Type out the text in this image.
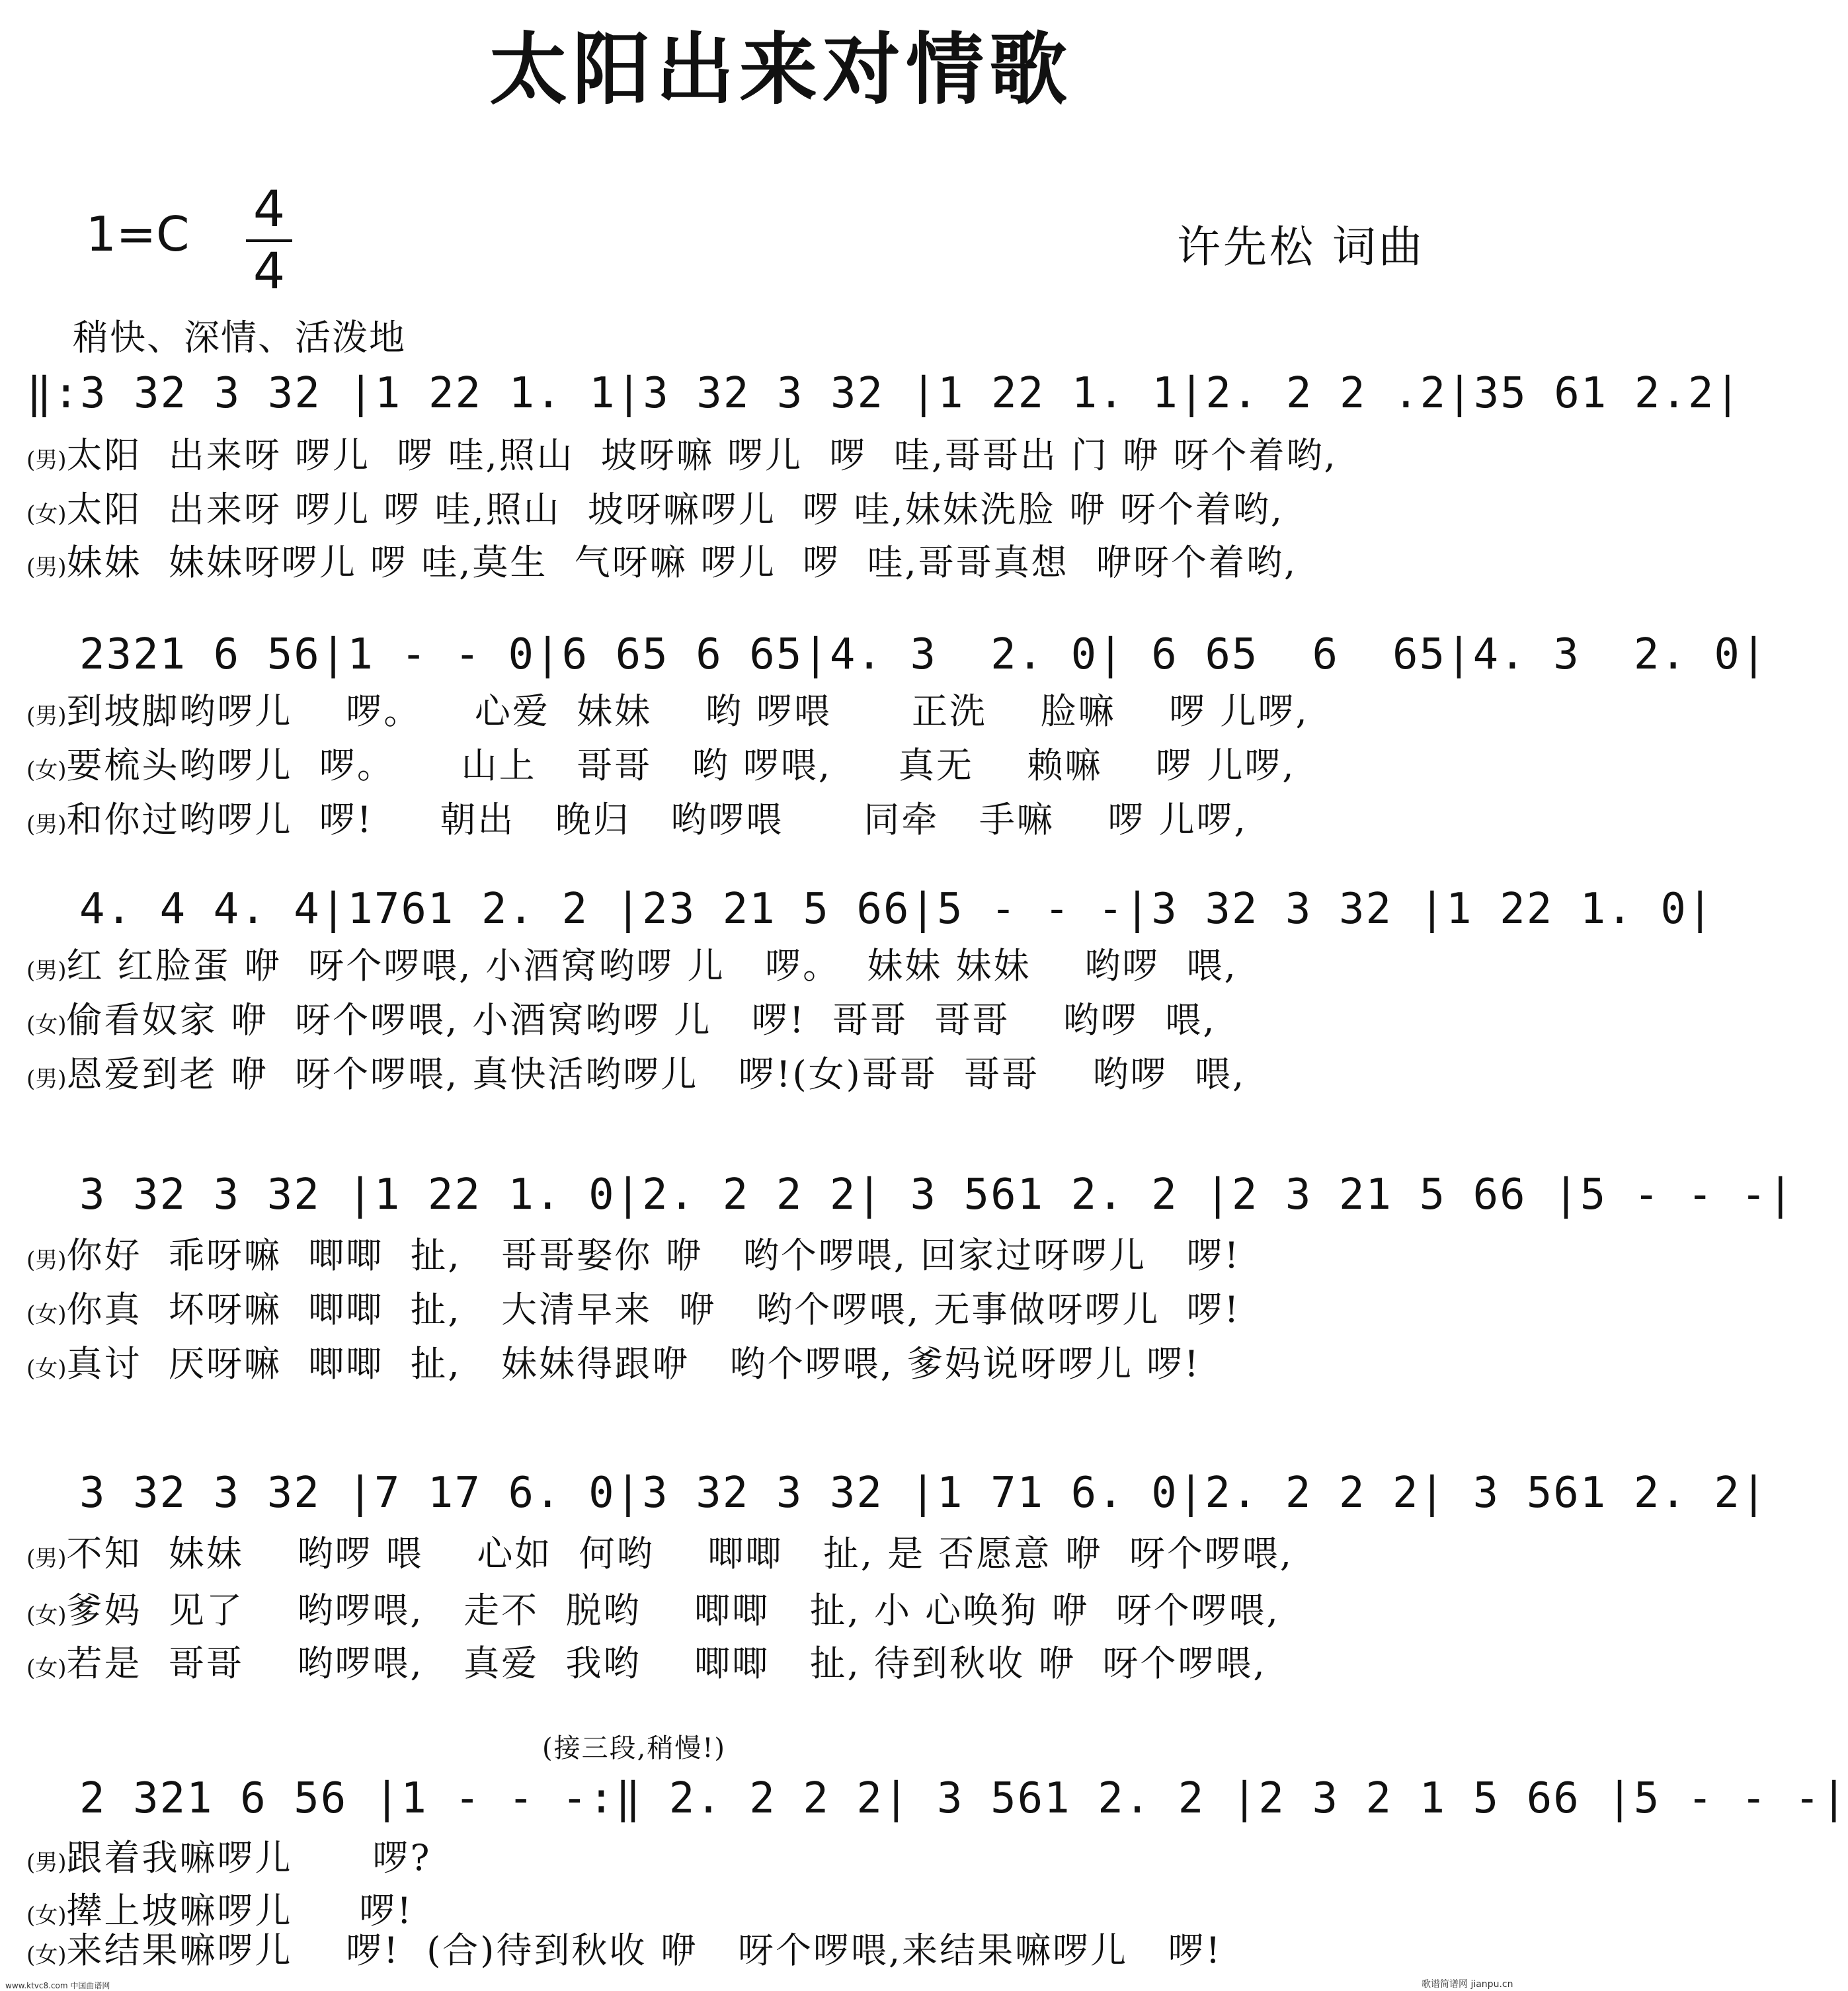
太阳出来对情歌
1=C 4
4	许先松 词曲
稍快、深情、活泼地
‖:3 32 3 32 |1 22 1. 1|3 32 3 32 |1 22 1. 1|2. 2 2 .2|35 61 2.2|
(男)太阳  出来呀 啰儿  啰 哇,照山  坡呀嘛 啰儿  啰  哇,哥哥出 门 咿 呀个着哟,
(女)太阳  出来呀 啰儿 啰 哇,照山  坡呀嘛啰儿  啰 哇,妹妹洗脸 咿 呀个着哟,
(男)妹妹  妹妹呀啰儿 啰 哇,莫生  气呀嘛 啰儿  啰  哇,哥哥真想  咿呀个着哟,
2321 6 56|1 - - 0|6 65 6 65|4. 3  2. 0| 6 65  6  65|4. 3  2. 0|
(男)到坡脚哟啰儿    啰。    心爱  妹妹    哟 啰喂      正洗    脸嘛    啰 儿啰,
(女)要梳头哟啰儿  啰。     山上   哥哥   哟 啰喂,     真无    赖嘛    啰 儿啰,
(男)和你过哟啰儿  啰!     朝出   晚归   哟啰喂      同牵   手嘛    啰 儿啰,
4. 4 4. 4|1761 2. 2 |23 21 5 66|5 - - -|3 32 3 32 |1 22 1. 0|
(男)红 红脸蛋 咿  呀个啰喂, 小酒窝哟啰 儿   啰。  妹妹 妹妹    哟啰  喂,
(女)偷看奴家 咿  呀个啰喂, 小酒窝哟啰 儿   啰!  哥哥  哥哥    哟啰  喂,
(男)恩爱到老 咿  呀个啰喂, 真快活哟啰儿   啰!(女)哥哥  哥哥    哟啰  喂,
3 32 3 32 |1 22 1. 0|2. 2 2 2| 3 561 2. 2 |2 3 21 5 66 |5 - - -|
(男)你好  乖呀嘛  唧唧  扯,   哥哥娶你 咿   哟个啰喂, 回家过呀啰儿   啰!
(女)你真  坏呀嘛  唧唧  扯,   大清早来  咿   哟个啰喂, 无事做呀啰儿  啰!
(女)真讨  厌呀嘛  唧唧  扯,   妹妹得跟咿   哟个啰喂, 爹妈说呀啰儿 啰!
3 32 3 32 |7 17 6. 0|3 32 3 32 |1 71 6. 0|2. 2 2 2| 3 561 2. 2|
(男)不知  妹妹    哟啰 喂    心如  何哟    唧唧   扯, 是 否愿意 咿  呀个啰喂,
(女)爹妈  见了    哟啰喂,   走不  脱哟    唧唧   扯, 小 心唤狗 咿  呀个啰喂,
(女)若是  哥哥    哟啰喂,   真爱  我哟    唧唧   扯, 待到秋收 咿  呀个啰喂,
(接三段,稍慢!)
2 321 6 56 |1 - - -:‖ 2. 2 2 2| 3 561 2. 2 |2 3 2 1 5 66 |5 - - -|
(男)跟着我嘛啰儿      啰?
(女)撵上坡嘛啰儿     啰!
(女)来结果嘛啰儿    啰!  (合)待到秋收 咿   呀个啰喂,来结果嘛啰儿   啰!
www.ktvc8.com 中国曲谱网	歌谱简谱网 jianpu.cn
